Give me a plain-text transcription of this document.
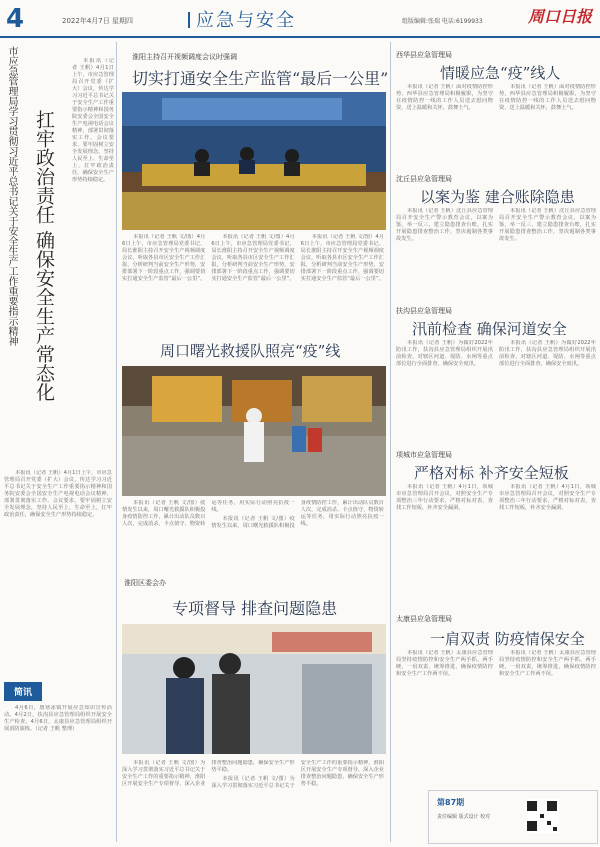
4	2022年4月7日 星期四	应急与安全	组版编辑:张瑞 电话:6199933	周口日报
市应急管理局学习贯彻习近平总书记关于安全生产工作重要指示精神 扛牢政治责任 确保安全生产常态化

本报讯（记者 王帆）4月1日上午，市应急管理局召开党委（扩大）会议，传达学习习近平总书记关于安全生产工作重要指示精神和国务院安委会全国安全生产电视电话会议精神，部署贯彻落实工作。会议要求，要牢固树立安全发展理念，坚持人民至上、生命至上，扛牢政治责任，确保安全生产形势持续稳定。

本报讯（记者 王帆）4月1日上午，市应急管理局召开党委（扩大）会议，传达学习习近平总书记关于安全生产工作重要指示精神和国务院安委会全国安全生产电视电话会议精神，部署贯彻落实工作。会议要求，要牢固树立安全发展理念，坚持人民至上、生命至上，扛牢政治责任，确保安全生产形势持续稳定。

简讯

4月6日，惠寒冰镇开展应急知识宣传活动。4月2日，扶沟县应急管理局组织开展安全生产检查。4月6日，太康县应急管理局组织开展消防演练。（记者 王帆 整理）

淮阳主持召开视频调度会议时强调
切实打通安全生产监管“最后一公里”

本报讯（记者 王帆 文/图）4月6日上午，市应急管理局党委书记、局长淮阳主持召开安全生产视频调度会议，听取各县市区安全生产工作汇报，分析研判当前安全生产形势，安排部署下一阶段重点工作，强调要切实打通安全生产监管“最后一公里”。

本报讯（记者 王帆 文/图）4月6日上午，市应急管理局党委书记、局长淮阳主持召开安全生产视频调度会议，听取各县市区安全生产工作汇报，分析研判当前安全生产形势，安排部署下一阶段重点工作，强调要切实打通安全生产监管“最后一公里”。

本报讯（记者 王帆 文/图）4月6日上午，市应急管理局党委书记、局长淮阳主持召开安全生产视频调度会议，听取各县市区安全生产工作汇报，分析研判当前安全生产形势，安排部署下一阶段重点工作，强调要切实打通安全生产监管“最后一公里”。

周口曙光救援队照亮“疫”线

本报讯（记者 王帆 文/图）疫情发生以来，周口曙光救援队积极投身疫情防控工作，累计出动队员数百人次，完成消杀、卡点值守、物资转运等任务，用实际行动照亮抗疫一线。

本报讯（记者 王帆 文/图）疫情发生以来，周口曙光救援队积极投身疫情防控工作，累计出动队员数百人次，完成消杀、卡点值守、物资转运等任务，用实际行动照亮抗疫一线。

淮阳区委会办
专项督导 排查问题隐患

本报讯（记者 王帆 文/图）为深入学习贯彻落实习近平总书记关于安全生产工作的重要指示精神，淮阳区开展安全生产专项督导，深入企业排查整治问题隐患，确保安全生产形势平稳。

本报讯（记者 王帆 文/图）为深入学习贯彻落实习近平总书记关于安全生产工作的重要指示精神，淮阳区开展安全生产专项督导，深入企业排查整治问题隐患，确保安全生产形势平稳。

西华县应急管理局
情暖应急“疫”线人

本报讯（记者 王帆）面对疫情防控形势，西华县应急管理局积极履职，为坚守在疫情防控一线的工作人员送去慰问物资，送上温暖和关怀，鼓舞士气。

本报讯（记者 王帆）面对疫情防控形势，西华县应急管理局积极履职，为坚守在疫情防控一线的工作人员送去慰问物资，送上温暖和关怀，鼓舞士气。

沈丘县应急管理局
以案为鉴 建合账除隐患

本报讯（记者 王帆）沈丘县应急管理局召开安全生产警示教育会议，以案为鉴，举一反三，建立隐患排查台账，扎实开展隐患排查整治工作，坚决遏制各类事故发生。

本报讯（记者 王帆）沈丘县应急管理局召开安全生产警示教育会议，以案为鉴，举一反三，建立隐患排查台账，扎实开展隐患排查整治工作，坚决遏制各类事故发生。

扶沟县应急管理局
汛前检查 确保河道安全

本报讯（记者 王帆）为做好2022年防汛工作，扶沟县应急管理局组织开展汛前检查，对辖区河道、堤防、水闸等重点部位进行全面排查，确保安全度汛。

本报讯（记者 王帆）为做好2022年防汛工作，扶沟县应急管理局组织开展汛前检查，对辖区河道、堤防、水闸等重点部位进行全面排查，确保安全度汛。

项城市应急管理局
严格对标 补齐安全短板

本报讯（记者 王帆）4月1日，项城市应急管理局召开会议，对照安全生产专项整治三年行动要求，严格对标对表，查找工作短板，补齐安全漏洞。

本报讯（记者 王帆）4月1日，项城市应急管理局召开会议，对照安全生产专项整治三年行动要求，严格对标对表，查找工作短板，补齐安全漏洞。

太康县应急管理局
一肩双责 防疫情保安全

本报讯（记者 王帆）太康县应急管理局坚持疫情防控和安全生产两手抓、两手硬，一肩双责，统筹推进，确保疫情防控和安全生产工作两不误。

本报讯（记者 王帆）太康县应急管理局坚持疫情防控和安全生产两手抓、两手硬，一肩双责，统筹推进，确保疫情防控和安全生产工作两不误。

第87期
责任编辑 版式设计 校对
